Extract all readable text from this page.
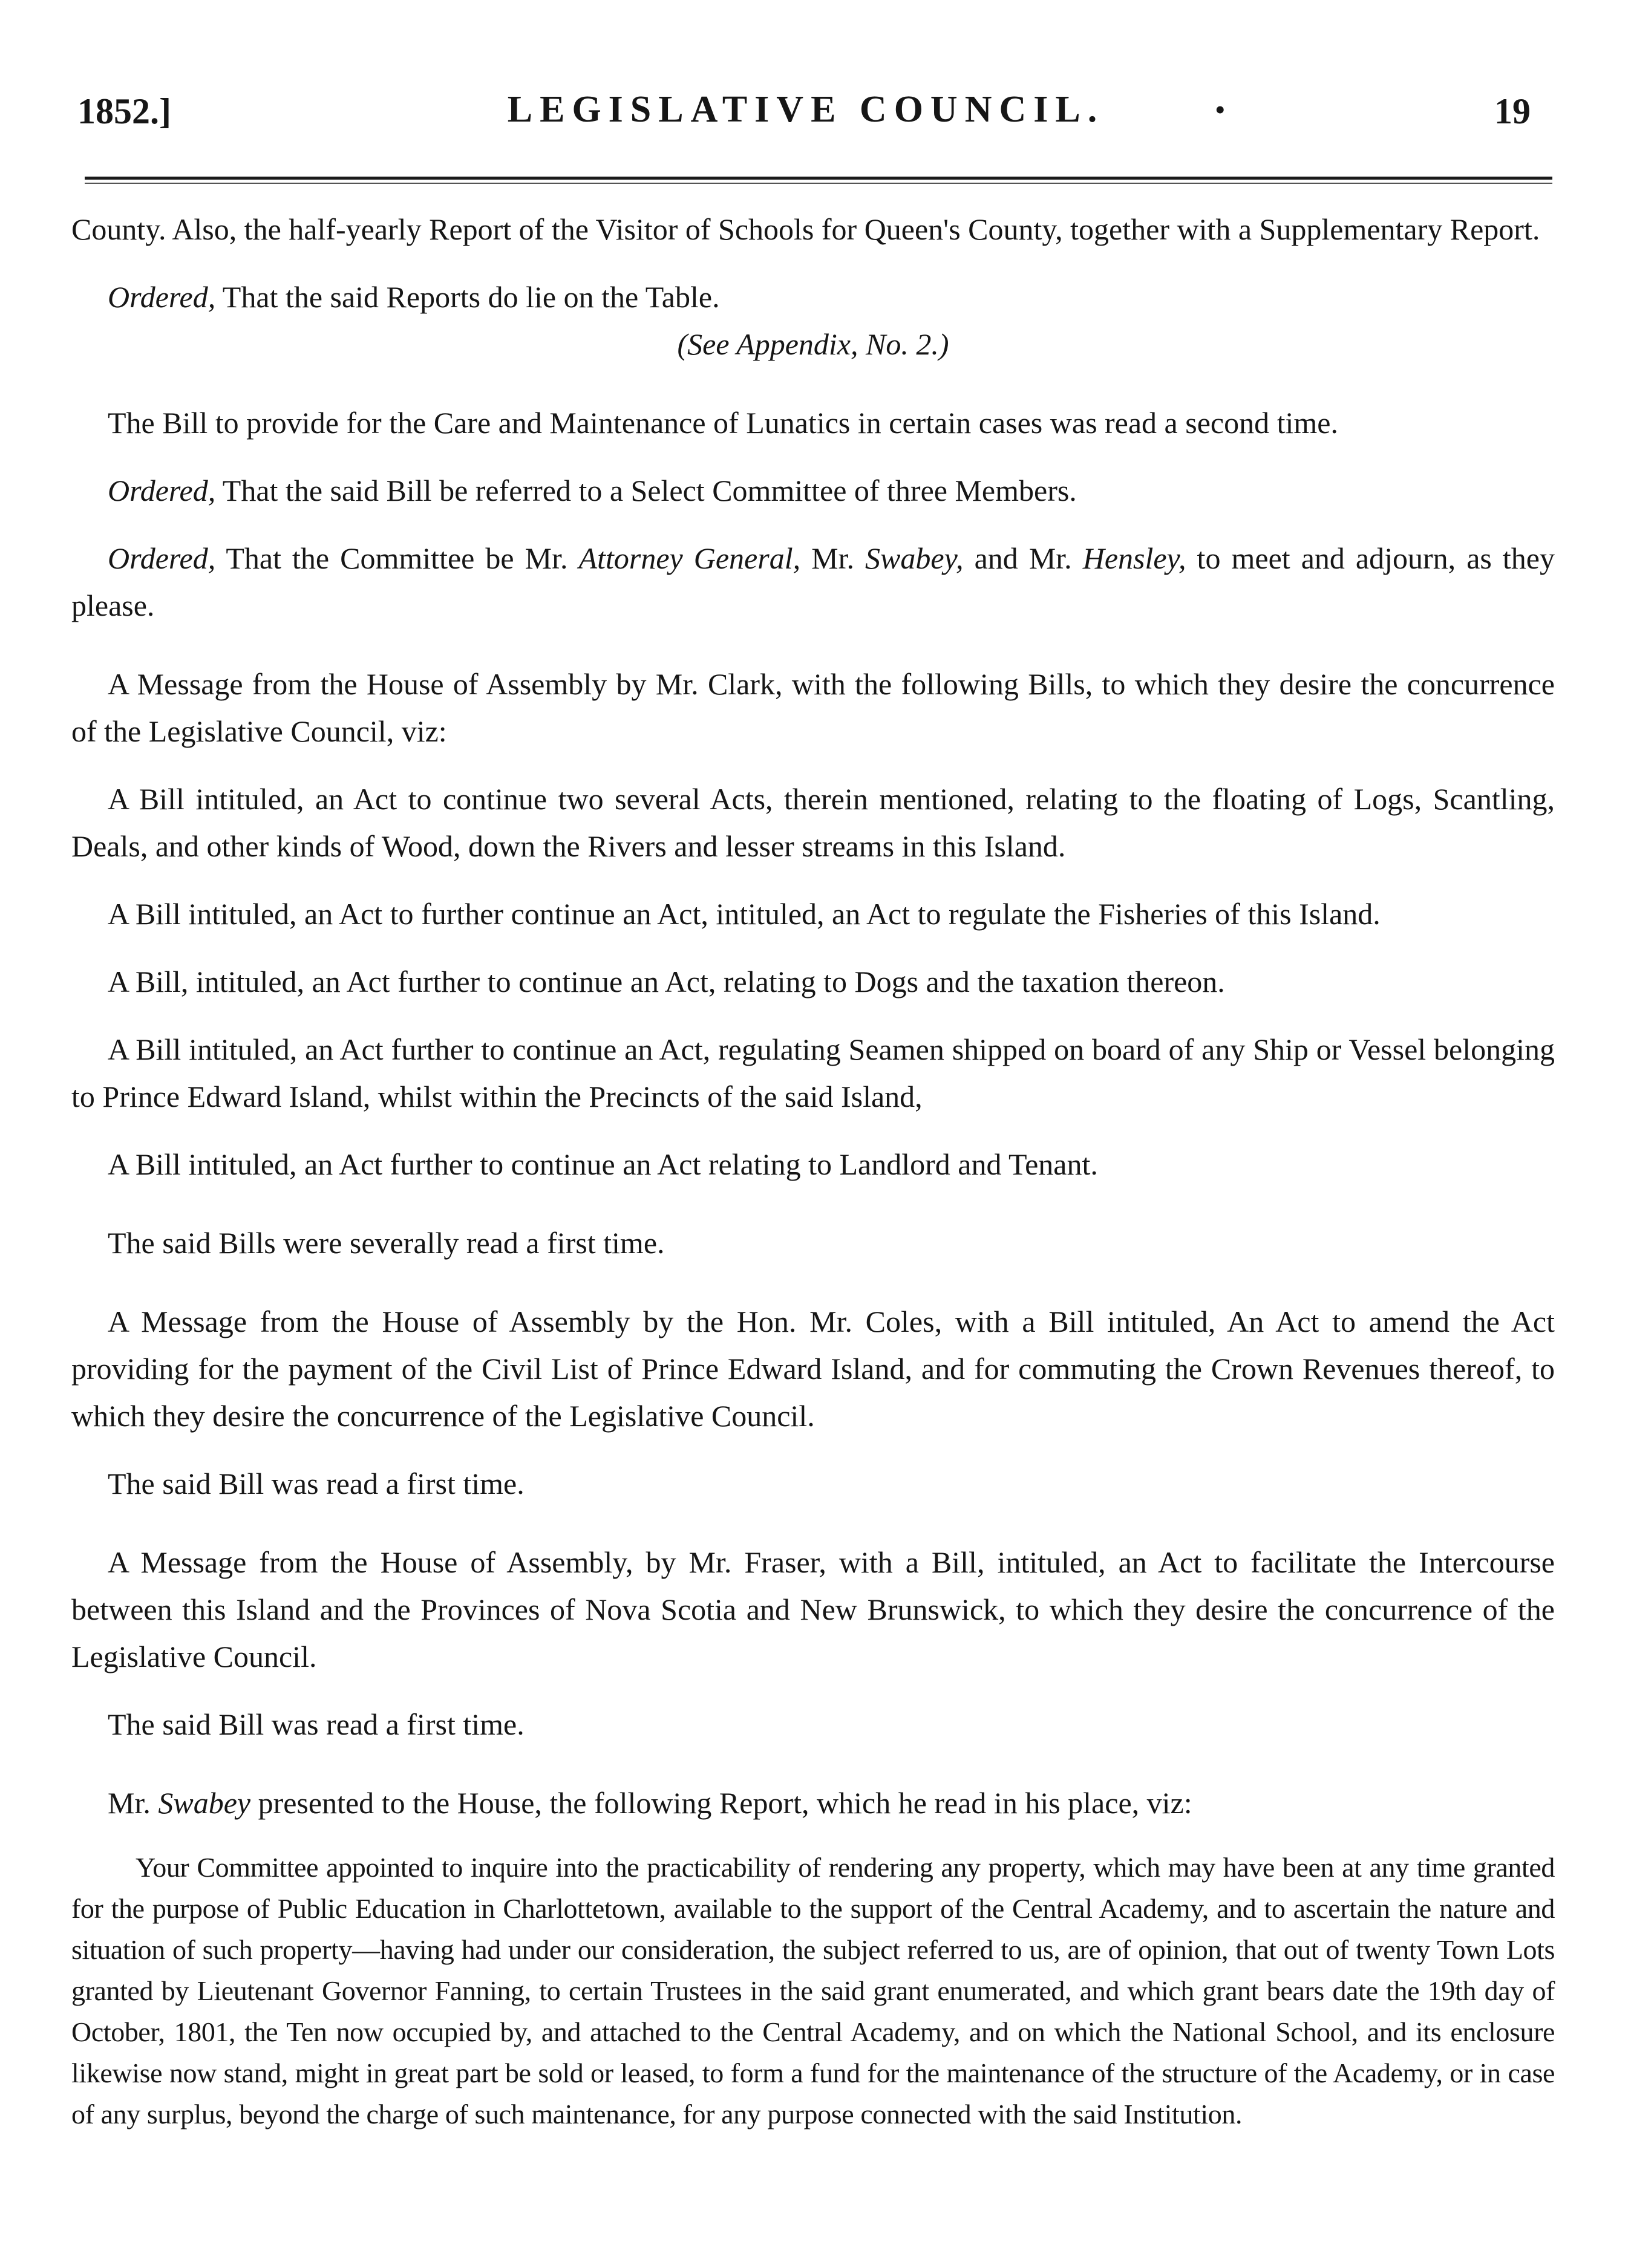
1852.]	LEGISLATIVE COUNCIL.	•	19

County. Also, the half-yearly Report of the Visitor of Schools for Queen's County, together with a Supplementary Report.

Ordered, That the said Reports do lie on the Table.

(See Appendix, No. 2.)

The Bill to provide for the Care and Maintenance of Lunatics in certain cases was read a second time.

Ordered, That the said Bill be referred to a Select Committee of three Members.

Ordered, That the Committee be Mr. Attorney General, Mr. Swabey, and Mr. Hensley, to meet and adjourn, as they please.

A Message from the House of Assembly by Mr. Clark, with the following Bills, to which they desire the concurrence of the Legislative Council, viz:

A Bill intituled, an Act to continue two several Acts, therein mentioned, relating to the floating of Logs, Scantling, Deals, and other kinds of Wood, down the Rivers and lesser streams in this Island.

A Bill intituled, an Act to further continue an Act, intituled, an Act to regulate the Fisheries of this Island.

A Bill, intituled, an Act further to continue an Act, relating to Dogs and the taxation thereon.

A Bill intituled, an Act further to continue an Act, regulating Seamen shipped on board of any Ship or Vessel belonging to Prince Edward Island, whilst within the Precincts of the said Island,

A Bill intituled, an Act further to continue an Act relating to Landlord and Tenant.

The said Bills were severally read a first time.

A Message from the House of Assembly by the Hon. Mr. Coles, with a Bill intituled, An Act to amend the Act providing for the payment of the Civil List of Prince Edward Island, and for commuting the Crown Revenues thereof, to which they desire the concurrence of the Legislative Council.

The said Bill was read a first time.

A Message from the House of Assembly, by Mr. Fraser, with a Bill, intituled, an Act to facilitate the Intercourse between this Island and the Provinces of Nova Scotia and New Brunswick, to which they desire the concurrence of the Legislative Council.

The said Bill was read a first time.

Mr. Swabey presented to the House, the following Report, which he read in his place, viz:

Your Committee appointed to inquire into the practicability of rendering any property, which may have been at any time granted for the purpose of Public Education in Charlottetown, available to the support of the Central Academy, and to ascertain the nature and situation of such property—having had under our consideration, the subject referred to us, are of opinion, that out of twenty Town Lots granted by Lieutenant Governor Fanning, to certain Trustees in the said grant enumerated, and which grant bears date the 19th day of October, 1801, the Ten now occupied by, and attached to the Central Academy, and on which the National School, and its enclosure likewise now stand, might in great part be sold or leased, to form a fund for the maintenance of the structure of the Academy, or in case of any surplus, beyond the charge of such maintenance, for any purpose connected with the said Institution.
